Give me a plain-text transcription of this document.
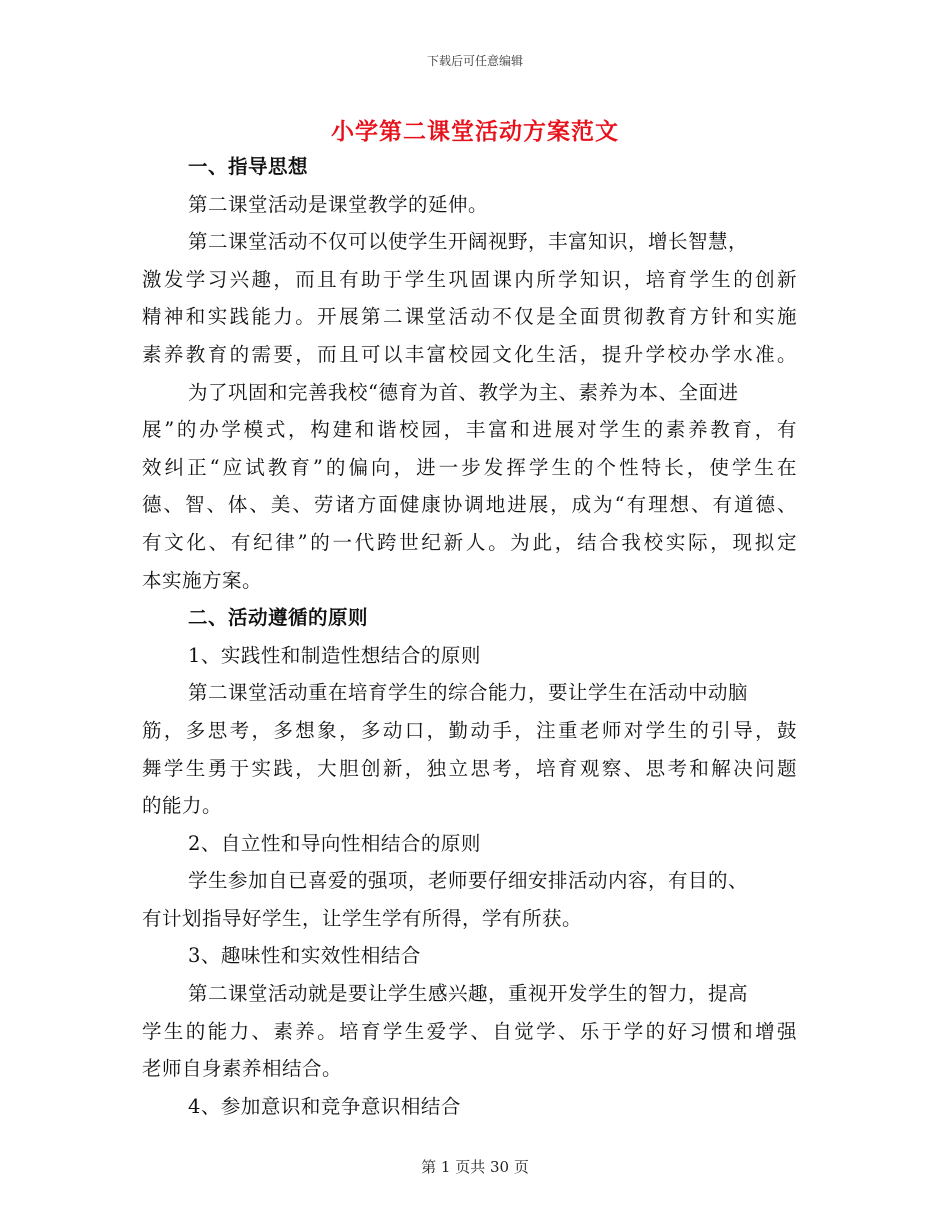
下载后可任意编辑
小学第二课堂活动方案范文
一、指导思想
第二课堂活动是课堂教学的延伸。
第二课堂活动不仅可以使学生开阔视野，丰富知识，增长智慧，
激发学习兴趣，而且有助于学生巩固课内所学知识，培育学生的创新
精神和实践能力。开展第二课堂活动不仅是全面贯彻教育方针和实施
素养教育的需要，而且可以丰富校园文化生活，提升学校办学水准。
为了巩固和完善我校“德育为首、教学为主、素养为本、全面进
展”的办学模式，构建和谐校园，丰富和进展对学生的素养教育，有
效纠正“应试教育”的偏向，进一步发挥学生的个性特长，使学生在
德、智、体、美、劳诸方面健康协调地进展，成为“有理想、有道德、
有文化、有纪律”的一代跨世纪新人。为此，结合我校实际，现拟定
本实施方案。
二、活动遵循的原则
1、实践性和制造性想结合的原则
第二课堂活动重在培育学生的综合能力，要让学生在活动中动脑
筋，多思考，多想象，多动口，勤动手，注重老师对学生的引导，鼓
舞学生勇于实践，大胆创新，独立思考，培育观察、思考和解决问题
的能力。
2、自立性和导向性相结合的原则
学生参加自已喜爱的强项，老师要仔细安排活动内容，有目的、
有计划指导好学生，让学生学有所得，学有所获。
3、趣味性和实效性相结合
第二课堂活动就是要让学生感兴趣，重视开发学生的智力，提高
学生的能力、素养。培育学生爱学、自觉学、乐于学的好习惯和增强
老师自身素养相结合。
4、参加意识和竞争意识相结合
第 1 页共 30 页
